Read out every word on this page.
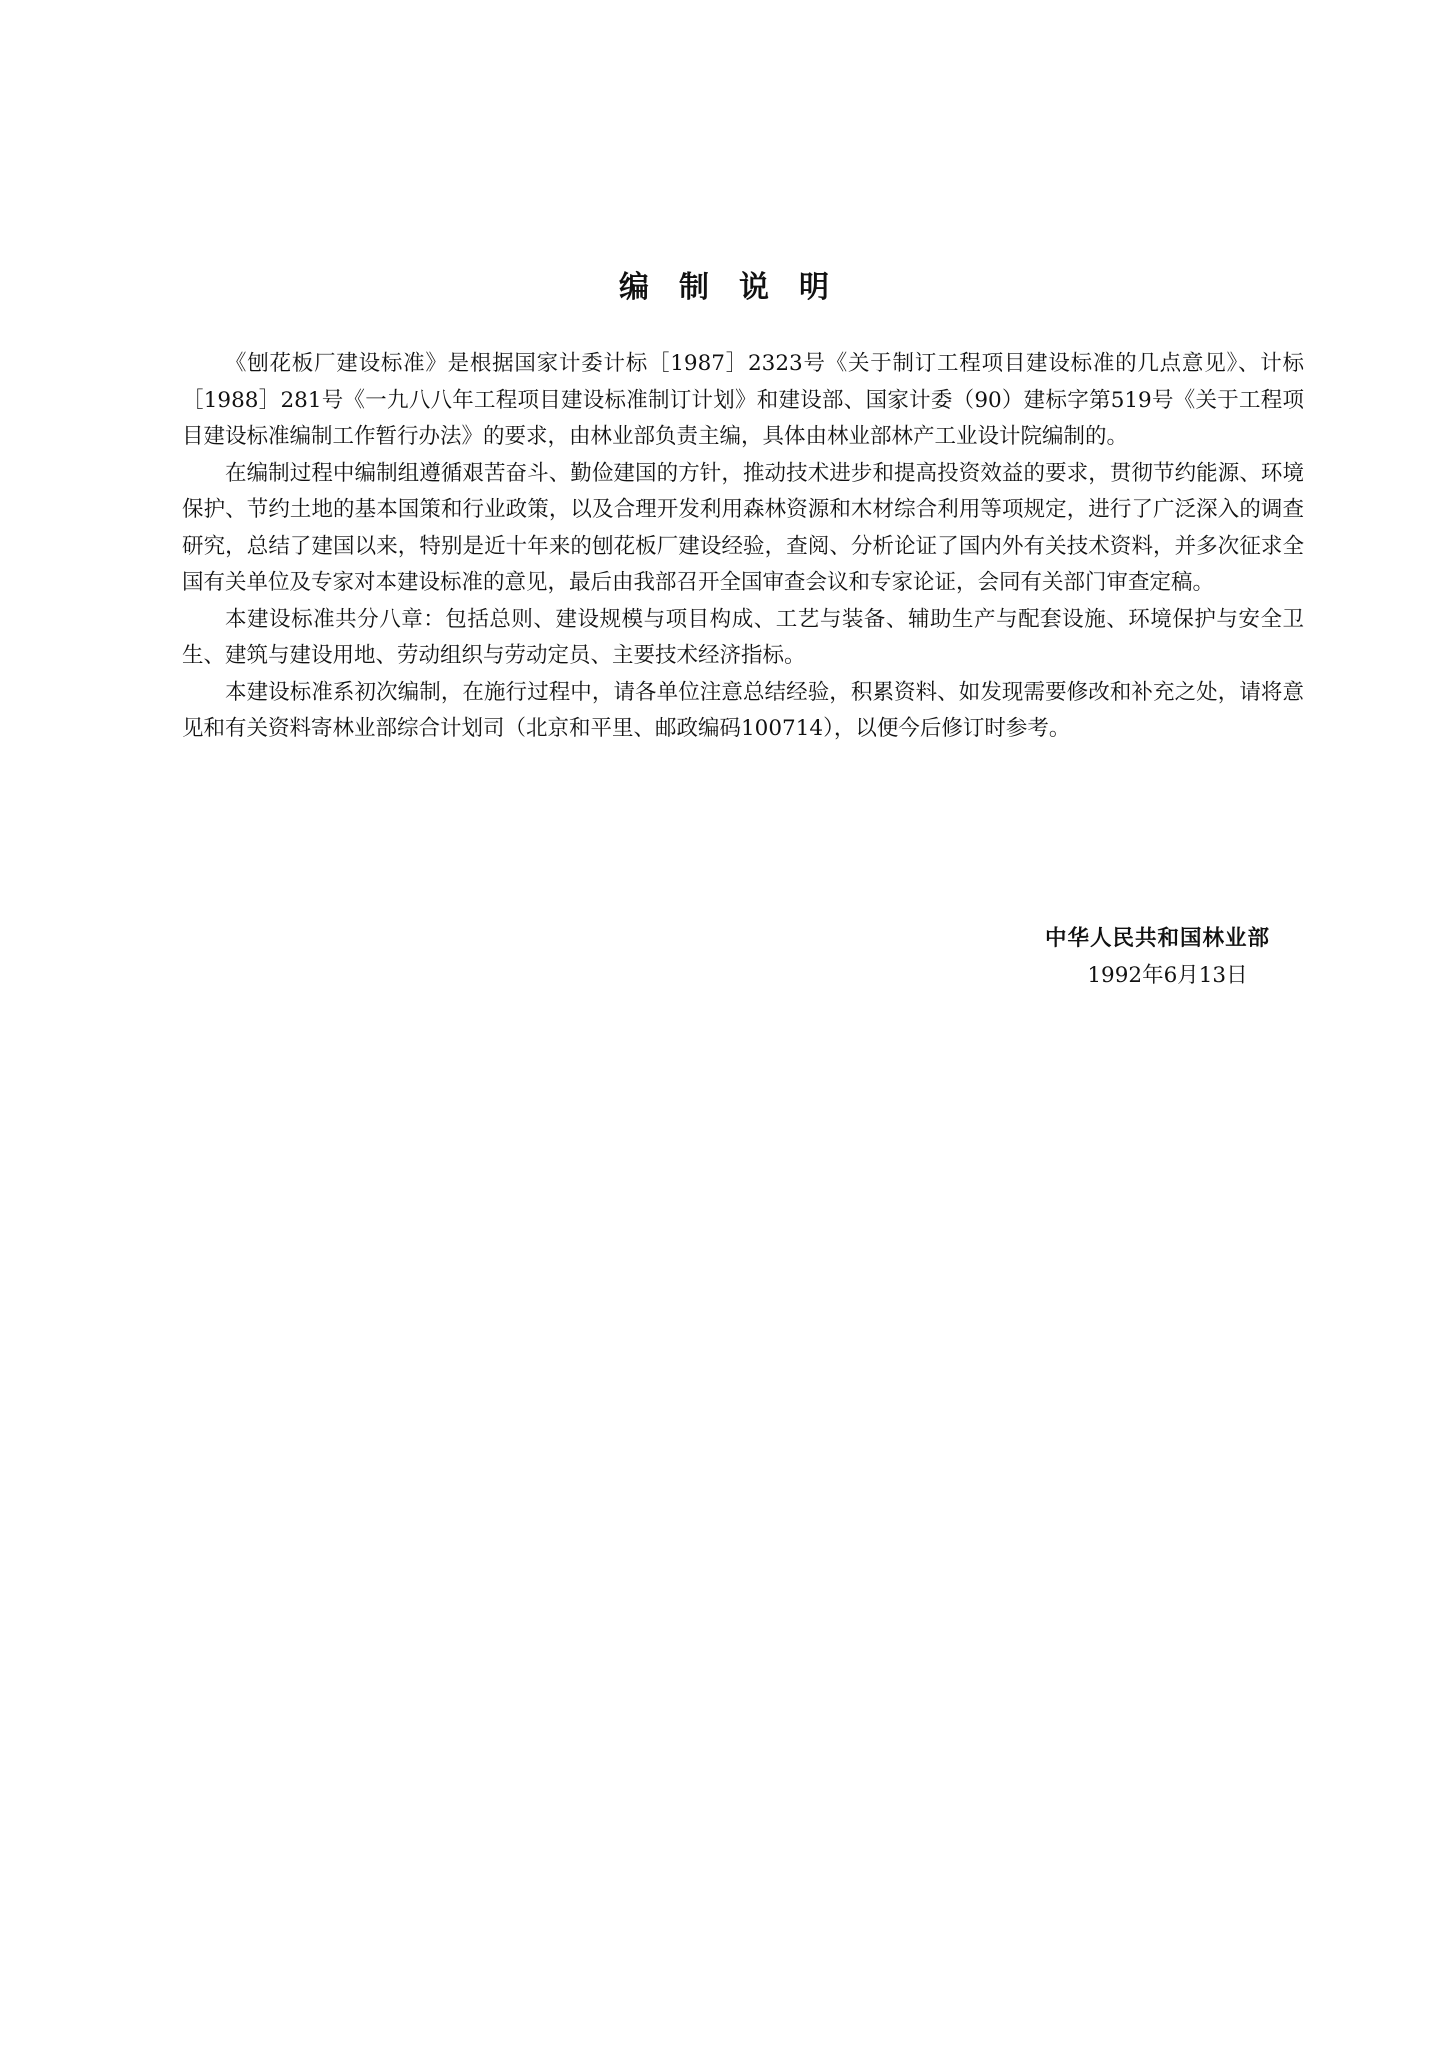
编制说明

《刨花板厂建设标准》是根据国家计委计标［1987］2323号《关于制订工程项目建设标准的几点意见》、计标［1988］281号《一九八八年工程项目建设标准制订计划》和建设部、国家计委（90）建标字第519号《关于工程项目建设标准编制工作暂行办法》的要求，由林业部负责主编，具体由林业部林产工业设计院编制的。

在编制过程中编制组遵循艰苦奋斗、勤俭建国的方针，推动技术进步和提高投资效益的要求，贯彻节约能源、环境保护、节约土地的基本国策和行业政策，以及合理开发利用森林资源和木材综合利用等项规定，进行了广泛深入的调查研究，总结了建国以来，特别是近十年来的刨花板厂建设经验，查阅、分析论证了国内外有关技术资料，并多次征求全国有关单位及专家对本建设标准的意见，最后由我部召开全国审查会议和专家论证，会同有关部门审查定稿。

本建设标准共分八章：包括总则、建设规模与项目构成、工艺与装备、辅助生产与配套设施、环境保护与安全卫生、建筑与建设用地、劳动组织与劳动定员、主要技术经济指标。

本建设标准系初次编制，在施行过程中，请各单位注意总结经验，积累资料、如发现需要修改和补充之处，请将意见和有关资料寄林业部综合计划司（北京和平里、邮政编码100714），以便今后修订时参考。

中华人民共和国林业部
1992年6月13日
